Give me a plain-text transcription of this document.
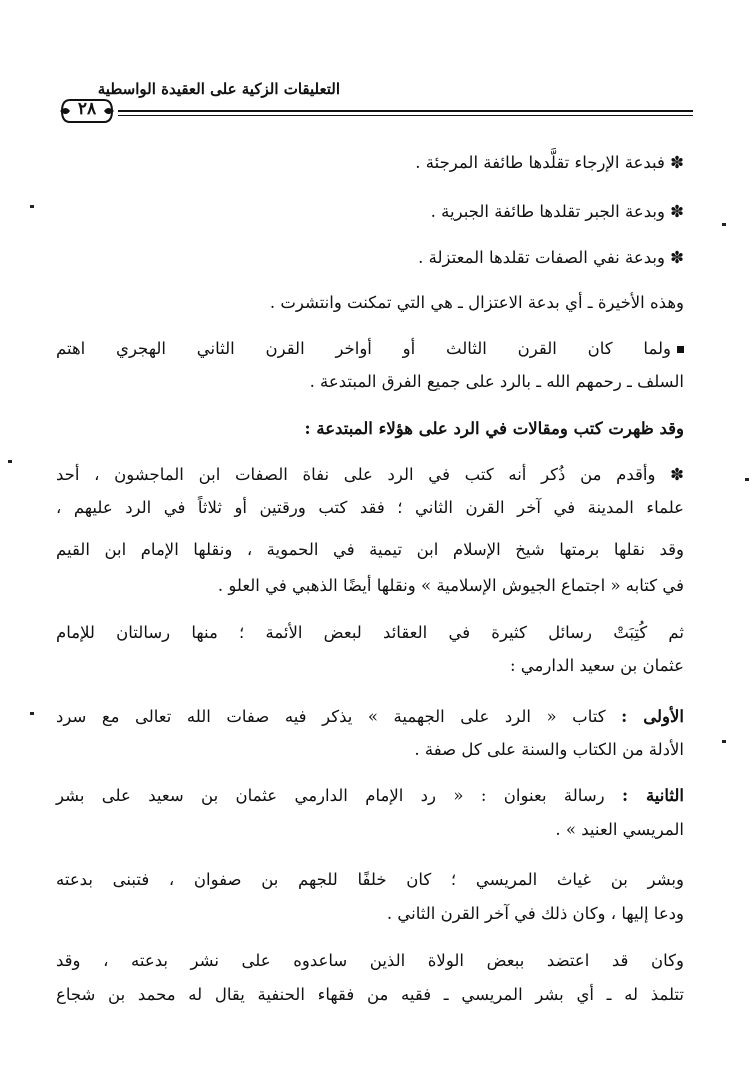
التعليقات الزكية على العقيدة الواسطية
٢٨
✽ فبدعة الإرجاء تقلَّدها طائفة المرجئة .
✽ وبدعة الجبر تقلدها طائفة الجبرية .
✽ وبدعة نفي الصفات تقلدها المعتزلة .
وهذه الأخيرة ـ أي بدعة الاعتزال ـ هي التي تمكنت وانتشرت .
ولما كان القرن الثالث أو أواخر القرن الثاني الهجري اهتم
السلف ـ رحمهم الله ـ بالرد على جميع الفرق المبتدعة .
وقد ظهرت كتب ومقالات في الرد على هؤلاء المبتدعة :
✽ وأقدم من ذُكر أنه كتب في الرد على نفاة الصفات ابن الماجشون ، أحد
علماء المدينة في آخر القرن الثاني ؛ فقد كتب ورقتين أو ثلاثاً في الرد عليهم ،
وقد نقلها برمتها شيخ الإسلام ابن تيمية في الحموية ، ونقلها الإمام ابن القيم
في كتابه « اجتماع الجيوش الإسلامية » ونقلها أيضًا الذهبي في العلو .
ثم كُتِبَتْ رسائل كثيرة في العقائد لبعض الأئمة ؛ منها رسالتان للإمام
عثمان بن سعيد الدارمي :
الأولى : كتاب « الرد على الجهمية » يذكر فيه صفات الله تعالى مع سرد
الأدلة من الكتاب والسنة على كل صفة .
الثانية : رسالة بعنوان : « رد الإمام الدارمي عثمان بن سعيد على بشر
المريسي العنيد » .
وبشر بن غياث المريسي ؛ كان خلفًا للجهم بن صفوان ، فتبنى بدعته
ودعا إليها ، وكان ذلك في آخر القرن الثاني .
وكان قد اعتضد ببعض الولاة الذين ساعدوه على نشر بدعته ، وقد
تتلمذ له ـ أي بشر المريسي ـ فقيه من فقهاء الحنفية يقال له محمد بن شجاع
